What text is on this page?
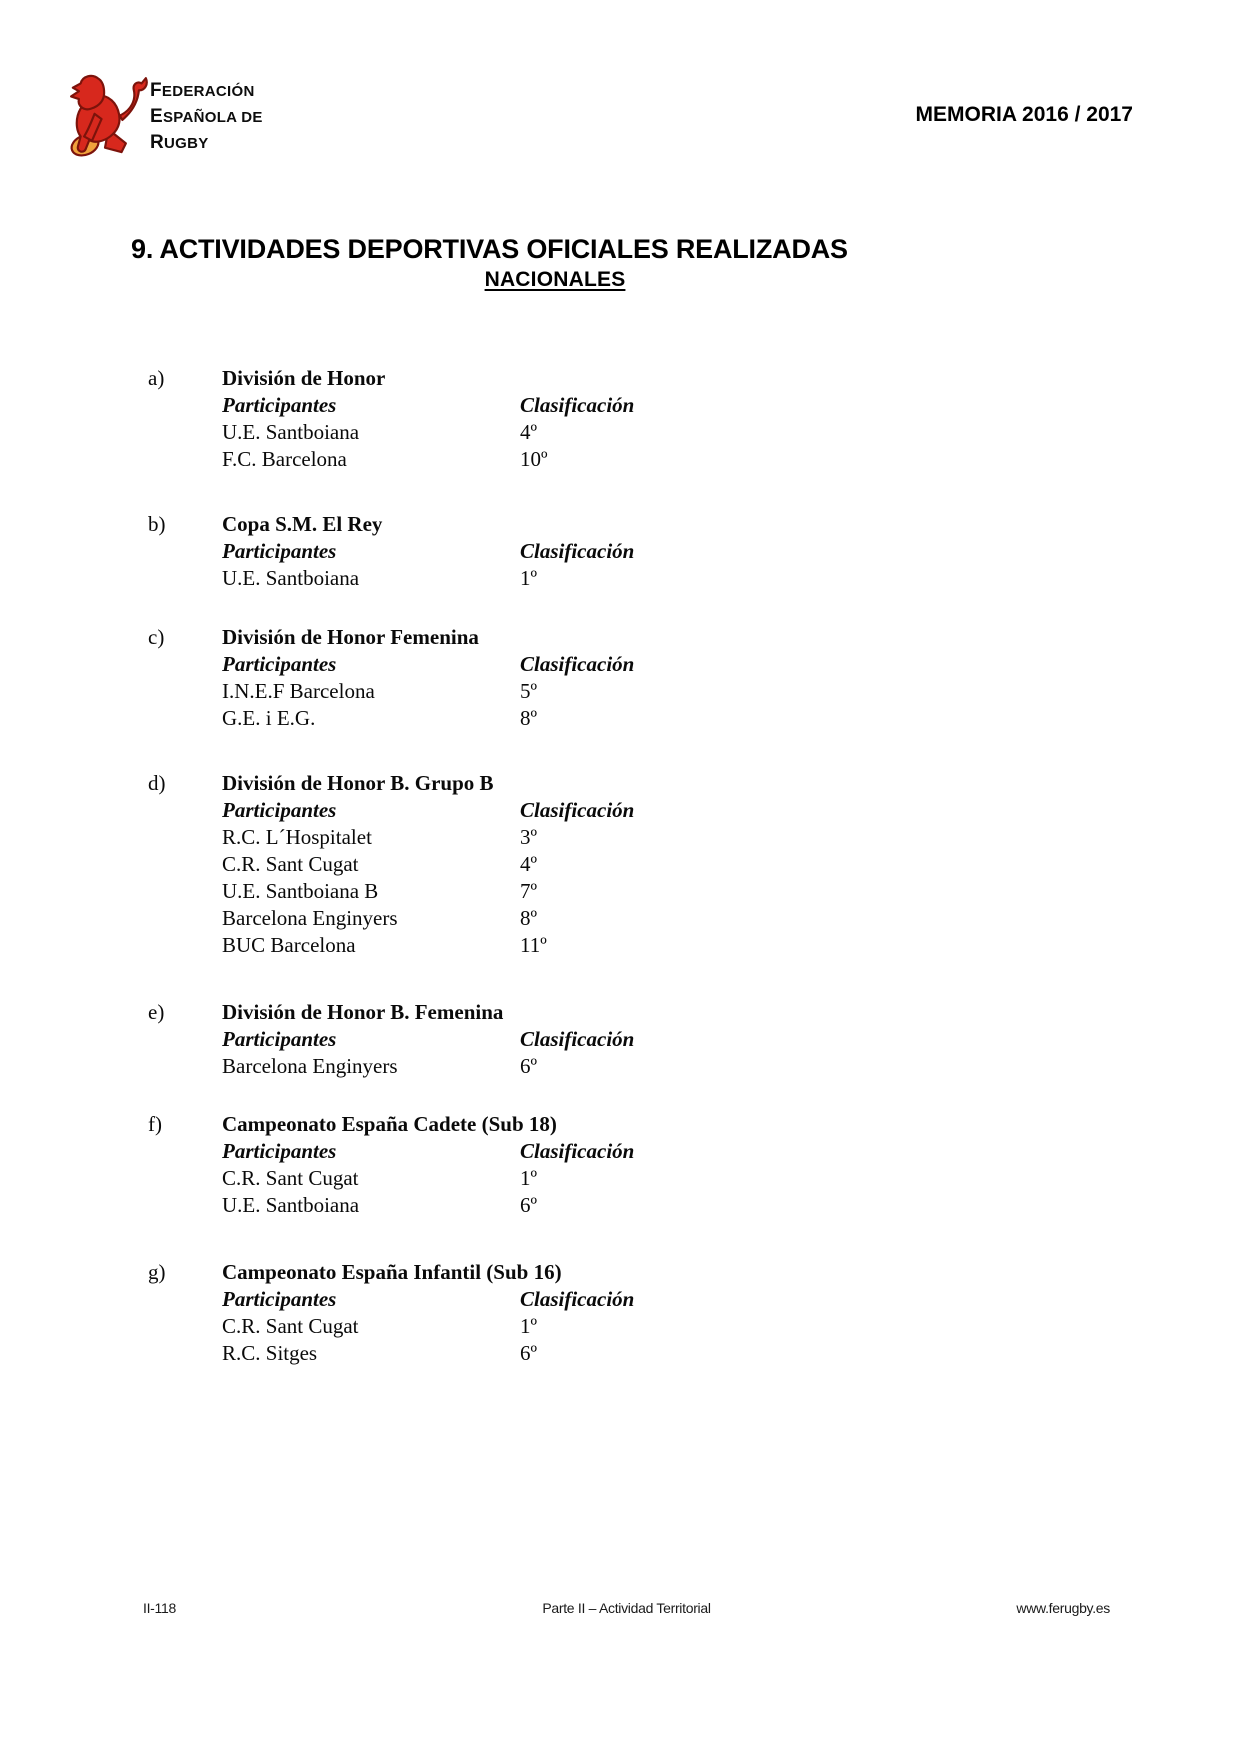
FEDERACIÓN
ESPAÑOLA DE
RUGBY
MEMORIA 2016 / 2017
9. ACTIVIDADES DEPORTIVAS OFICIALES REALIZADAS
NACIONALES
a)	División de Honor
Participantes	Clasificación
U.E. Santboiana	4º
F.C. Barcelona	10º
b)	Copa S.M. El Rey
Participantes	Clasificación
U.E. Santboiana	1º
c)	División de Honor Femenina
Participantes	Clasificación
I.N.E.F Barcelona	5º
G.E. i E.G.	8º
d)	División de Honor B. Grupo B
Participantes	Clasificación
R.C. L´Hospitalet	3º
C.R. Sant Cugat	4º
U.E. Santboiana B	7º
Barcelona Enginyers	8º
BUC Barcelona	11º
e)	División de Honor B. Femenina
Participantes	Clasificación
Barcelona Enginyers	6º
f)	Campeonato España Cadete (Sub 18)
Participantes	Clasificación
C.R. Sant Cugat	1º
U.E. Santboiana	6º
g)	Campeonato España Infantil (Sub 16)
Participantes	Clasificación
C.R. Sant Cugat	1º
R.C. Sitges	6º
II-118	Parte II – Actividad Territorial	www.ferugby.es
